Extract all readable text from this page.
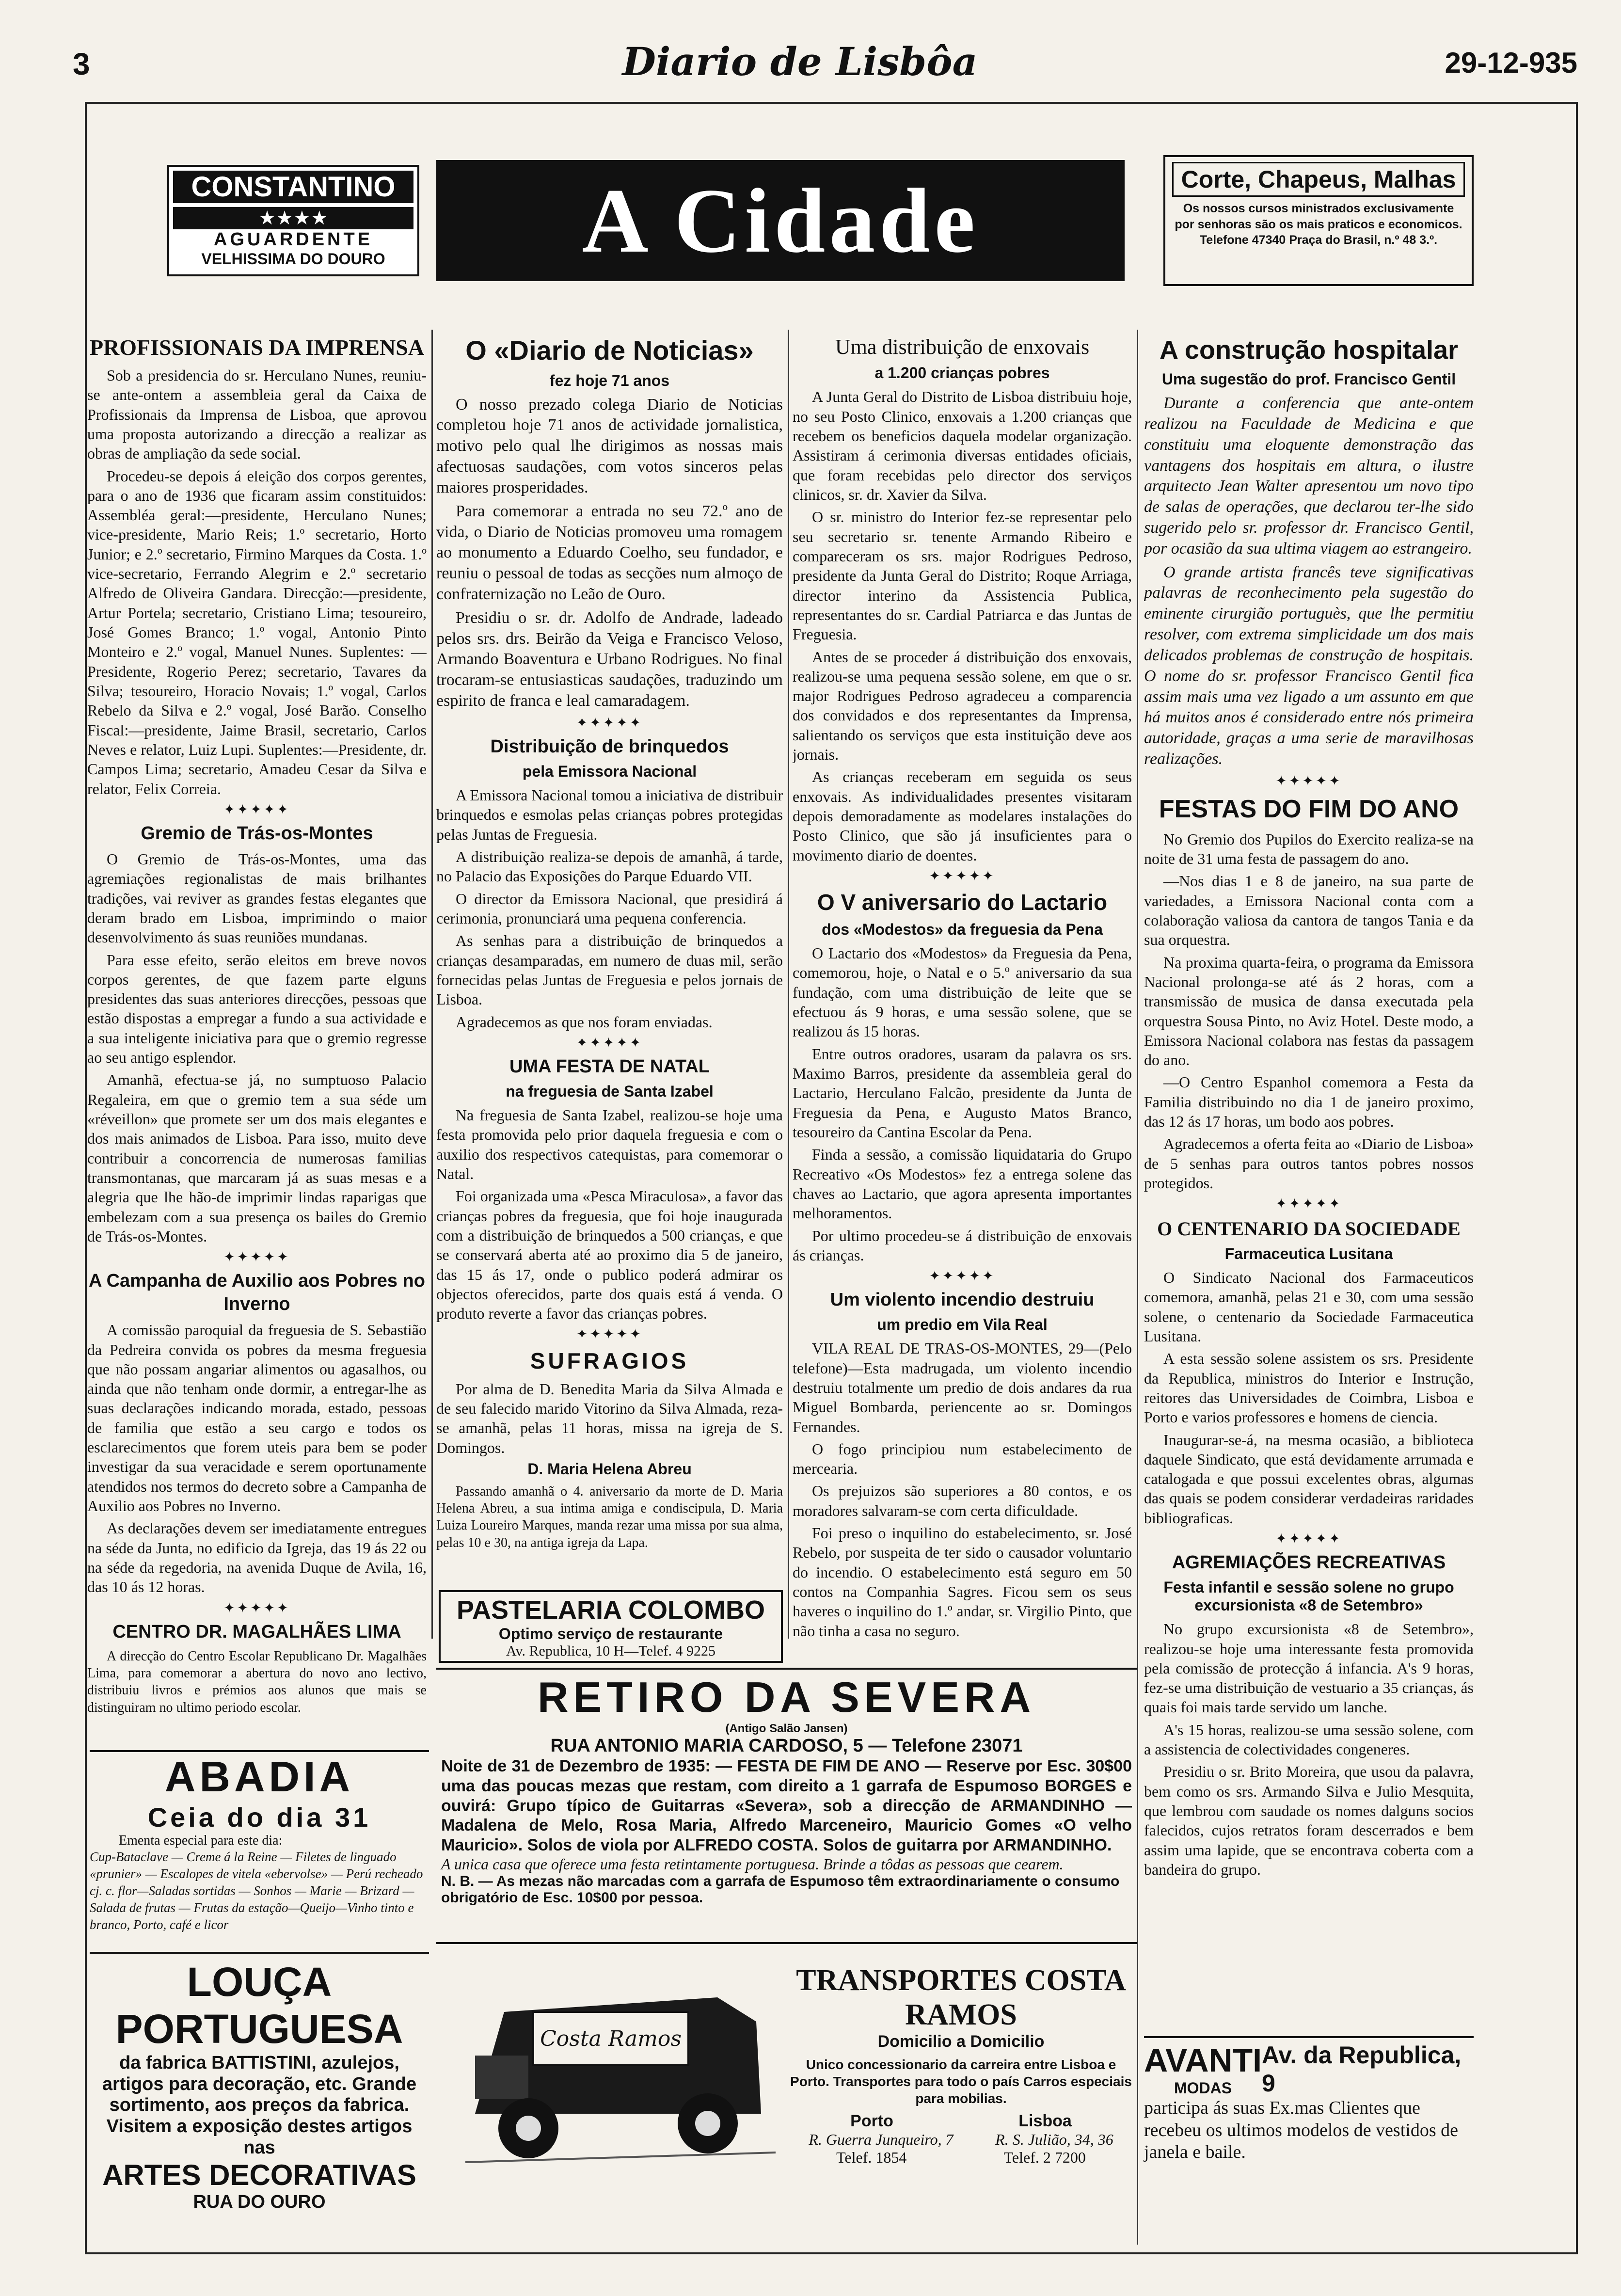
3	Diario de Lisbôa	29-12-935
CONSTANTINO
★★★★
AGUARDENTE
VELHISSIMA DO DOURO	A Cidade	Corte, Chapeus, Malhas
Os nossos cursos ministrados exclusivamente por senhoras são os mais praticos e economicos. Telefone 47340 Praça do Brasil, n.º 48 3.º.
PROFISSIONAIS DA IMPRENSA

Sob a presidencia do sr. Herculano Nunes, reuniu-se ante-ontem a assembleia geral da Caixa de Profissionais da Imprensa de Lisboa, que aprovou uma proposta autorizando a direcção a realizar as obras de ampliação da sede social.

Procedeu-se depois á eleição dos corpos gerentes, para o ano de 1936 que ficaram assim constituidos: Assembléa geral:—presidente, Herculano Nunes; vice-presidente, Mario Reis; 1.º secretario, Horto Junior; e 2.º secretario, Firmino Marques da Costa. 1.º vice-secretario, Ferrando Alegrim e 2.º secretario Alfredo de Oliveira Gandara. Direcção:—presidente, Artur Portela; secretario, Cristiano Lima; tesoureiro, José Gomes Branco; 1.º vogal, Antonio Pinto Monteiro e 2.º vogal, Manuel Nunes. Suplentes: —Presidente, Rogerio Perez; secretario, Tavares da Silva; tesoureiro, Horacio Novais; 1.º vogal, Carlos Rebelo da Silva e 2.º vogal, José Barão. Conselho Fiscal:—presidente, Jaime Brasil, secretario, Carlos Neves e relator, Luiz Lupi. Suplentes:—Presidente, dr. Campos Lima; secretario, Amadeu Cesar da Silva e relator, Felix Correia.

✦✦✦✦✦
Gremio de Trás-os-Montes

O Gremio de Trás-os-Montes, uma das agremiações regionalistas de mais brilhantes tradições, vai reviver as grandes festas elegantes que deram brado em Lisboa, imprimindo o maior desenvolvimento ás suas reuniões mundanas.

Para esse efeito, serão eleitos em breve novos corpos gerentes, de que fazem parte elguns presidentes das suas anteriores direcções, pessoas que estão dispostas a empregar a fundo a sua actividade e a sua inteligente iniciativa para que o gremio regresse ao seu antigo esplendor.

Amanhã, efectua-se já, no sumptuoso Palacio Regaleira, em que o gremio tem a sua séde um «réveillon» que promete ser um dos mais elegantes e dos mais animados de Lisboa. Para isso, muito deve contribuir a concorrencia de numerosas familias transmontanas, que marcaram já as suas mesas e a alegria que lhe hão-de imprimir lindas raparigas que embelezam com a sua presença os bailes do Gremio de Trás-os-Montes.

✦✦✦✦✦
A Campanha de Auxilio aos Pobres no Inverno

A comissão paroquial da freguesia de S. Sebastião da Pedreira convida os pobres da mesma freguesia que não possam angariar alimentos ou agasalhos, ou ainda que não tenham onde dormir, a entregar-lhe as suas declarações indicando morada, estado, pessoas de familia que estão a seu cargo e todos os esclarecimentos que forem uteis para bem se poder investigar da sua veracidade e serem oportunamente atendidos nos termos do decreto sobre a Campanha de Auxilio aos Pobres no Inverno.

As declarações devem ser imediatamente entregues na séde da Junta, no edificio da Igreja, das 19 ás 22 ou na séde da regedoria, na avenida Duque de Avila, 16, das 10 ás 12 horas.

✦✦✦✦✦
CENTRO DR. MAGALHÃES LIMA

A direcção do Centro Escolar Republicano Dr. Magalhães Lima, para comemorar a abertura do novo ano lectivo, distribuiu livros e prémios aos alunos que mais se distinguiram no ultimo periodo escolar.

O «Diario de Noticias»
fez hoje 71 anos

O nosso prezado colega Diario de Noticias completou hoje 71 anos de actividade jornalistica, motivo pelo qual lhe dirigimos as nossas mais afectuosas saudações, com votos sinceros pelas maiores prosperidades.

Para comemorar a entrada no seu 72.º ano de vida, o Diario de Noticias promoveu uma romagem ao monumento a Eduardo Coelho, seu fundador, e reuniu o pessoal de todas as secções num almoço de confraternização no Leão de Ouro.

Presidiu o sr. dr. Adolfo de Andrade, ladeado pelos srs. drs. Beirão da Veiga e Francisco Veloso, Armando Boaventura e Urbano Rodrigues. No final trocaram-se entusiasticas saudações, traduzindo um espirito de franca e leal camaradagem.

✦✦✦✦✦
Distribuição de brinquedos
pela Emissora Nacional

A Emissora Nacional tomou a iniciativa de distribuir brinquedos e esmolas pelas crianças pobres protegidas pelas Juntas de Freguesia.

A distribuição realiza-se depois de amanhã, á tarde, no Palacio das Exposições do Parque Eduardo VII.

O director da Emissora Nacional, que presidirá á cerimonia, pronunciará uma pequena conferencia.

As senhas para a distribuição de brinquedos a crianças desamparadas, em numero de duas mil, serão fornecidas pelas Juntas de Freguesia e pelos jornais de Lisboa.

Agradecemos as que nos foram enviadas.

✦✦✦✦✦
UMA FESTA DE NATAL
na freguesia de Santa Izabel

Na freguesia de Santa Izabel, realizou-se hoje uma festa promovida pelo prior daquela freguesia e com o auxilio dos respectivos catequistas, para comemorar o Natal.

Foi organizada uma «Pesca Miraculosa», a favor das crianças pobres da freguesia, que foi hoje inaugurada com a distribuição de brinquedos a 500 crianças, e que se conservará aberta até ao proximo dia 5 de janeiro, das 15 ás 17, onde o publico poderá admirar os objectos oferecidos, parte dos quais está á venda. O produto reverte a favor das crianças pobres.

✦✦✦✦✦
SUFRAGIOS

Por alma de D. Benedita Maria da Silva Almada e de seu falecido marido Vitorino da Silva Almada, reza-se amanhã, pelas 11 horas, missa na igreja de S. Domingos.

D. Maria Helena Abreu

Passando amanhã o 4. aniversario da morte de D. Maria Helena Abreu, a sua intima amiga e condiscipula, D. Maria Luiza Loureiro Marques, manda rezar uma missa por sua alma, pelas 10 e 30, na antiga igreja da Lapa.

PASTELARIA COLOMBO
Optimo serviço de restaurante
Av. Republica, 10 H—Telef. 4 9225
Uma distribuição de enxovais
a 1.200 crianças pobres

A Junta Geral do Distrito de Lisboa distribuiu hoje, no seu Posto Clinico, enxovais a 1.200 crianças que recebem os beneficios daquela modelar organização. Assistiram á cerimonia diversas entidades oficiais, que foram recebidas pelo director dos serviços clinicos, sr. dr. Xavier da Silva.

O sr. ministro do Interior fez-se representar pelo seu secretario sr. tenente Armando Ribeiro e compareceram os srs. major Rodrigues Pedroso, presidente da Junta Geral do Distrito; Roque Arriaga, director interino da Assistencia Publica, representantes do sr. Cardial Patriarca e das Juntas de Freguesia.

Antes de se proceder á distribuição dos enxovais, realizou-se uma pequena sessão solene, em que o sr. major Rodrigues Pedroso agradeceu a comparencia dos convidados e dos representantes da Imprensa, salientando os serviços que esta instituição deve aos jornais.

As crianças receberam em seguida os seus enxovais. As individualidades presentes visitaram depois demoradamente as modelares instalações do Posto Clinico, que são já insuficientes para o movimento diario de doentes.

✦✦✦✦✦
O V aniversario do Lactario
dos «Modestos» da freguesia da Pena

O Lactario dos «Modestos» da Freguesia da Pena, comemorou, hoje, o Natal e o 5.º aniversario da sua fundação, com uma distribuição de leite que se efectuou ás 9 horas, e uma sessão solene, que se realizou ás 15 horas.

Entre outros oradores, usaram da palavra os srs. Maximo Barros, presidente da assembleia geral do Lactario, Herculano Falcão, presidente da Junta de Freguesia da Pena, e Augusto Matos Branco, tesoureiro da Cantina Escolar da Pena.

Finda a sessão, a comissão liquidataria do Grupo Recreativo «Os Modestos» fez a entrega solene das chaves ao Lactario, que agora apresenta importantes melhoramentos.

Por ultimo procedeu-se á distribuição de enxovais ás crianças.

✦✦✦✦✦
Um violento incendio destruiu
um predio em Vila Real

VILA REAL DE TRAS-OS-MONTES, 29—(Pelo telefone)—Esta madrugada, um violento incendio destruiu totalmente um predio de dois andares da rua Miguel Bombarda, periencente ao sr. Domingos Fernandes.

O fogo principiou num estabelecimento de mercearia.

Os prejuizos são superiores a 80 contos, e os moradores salvaram-se com certa dificuldade.

Foi preso o inquilino do estabelecimento, sr. José Rebelo, por suspeita de ter sido o causador voluntario do incendio. O estabelecimento está seguro em 50 contos na Companhia Sagres. Ficou sem os seus haveres o inquilino do 1.º andar, sr. Virgilio Pinto, que não tinha a casa no seguro.

A construção hospitalar
Uma sugestão do prof. Francisco Gentil

Durante a conferencia que ante-ontem realizou na Faculdade de Medicina e que constituiu uma eloquente demonstração das vantagens dos hospitais em altura, o ilustre arquitecto Jean Walter apresentou um novo tipo de salas de operações, que declarou ter-lhe sido sugerido pelo sr. professor dr. Francisco Gentil, por ocasião da sua ultima viagem ao estrangeiro.

O grande artista francês teve significativas palavras de reconhecimento pela sugestão do eminente cirurgião portuguès, que lhe permitiu resolver, com extrema simplicidade um dos mais delicados problemas de construção de hospitais. O nome do sr. professor Francisco Gentil fica assim mais uma vez ligado a um assunto em que há muitos anos é considerado entre nós primeira autoridade, graças a uma serie de maravilhosas realizações.

✦✦✦✦✦
FESTAS DO FIM DO ANO

No Gremio dos Pupilos do Exercito realiza-se na noite de 31 uma festa de passagem do ano.

—Nos dias 1 e 8 de janeiro, na sua parte de variedades, a Emissora Nacional conta com a colaboração valiosa da cantora de tangos Tania e da sua orquestra.

Na proxima quarta-feira, o programa da Emissora Nacional prolonga-se até ás 2 horas, com a transmissão de musica de dansa executada pela orquestra Sousa Pinto, no Aviz Hotel. Deste modo, a Emissora Nacional colabora nas festas da passagem do ano.

—O Centro Espanhol comemora a Festa da Familia distribuindo no dia 1 de janeiro proximo, das 12 ás 17 horas, um bodo aos pobres.

Agradecemos a oferta feita ao «Diario de Lisboa» de 5 senhas para outros tantos pobres nossos protegidos.

✦✦✦✦✦
O CENTENARIO DA SOCIEDADE
Farmaceutica Lusitana

O Sindicato Nacional dos Farmaceuticos comemora, amanhã, pelas 21 e 30, com uma sessão solene, o centenario da Sociedade Farmaceutica Lusitana.

A esta sessão solene assistem os srs. Presidente da Republica, ministros do Interior e Instrução, reitores das Universidades de Coimbra, Lisboa e Porto e varios professores e homens de ciencia.

Inaugurar-se-á, na mesma ocasião, a biblioteca daquele Sindicato, que está devidamente arrumada e catalogada e que possui excelentes obras, algumas das quais se podem considerar verdadeiras raridades bibliograficas.

✦✦✦✦✦
AGREMIAÇÕES RECREATIVAS
Festa infantil e sessão solene no grupo excursionista «8 de Setembro»

No grupo excursionista «8 de Setembro», realizou-se hoje uma interessante festa promovida pela comissão de protecção á infancia. A's 9 horas, fez-se uma distribuição de vestuario a 35 crianças, ás quais foi mais tarde servido um lanche.

A's 15 horas, realizou-se uma sessão solene, com a assistencia de colectividades congeneres.

Presidiu o sr. Brito Moreira, que usou da palavra, bem como os srs. Armando Silva e Julio Mesquita, que lembrou com saudade os nomes dalguns socios falecidos, cujos retratos foram descerrados e bem assim uma lapide, que se encontrava coberta com a bandeira do grupo.

ABADIA
Ceia do dia 31
Ementa especial para este dia:
Cup-Bataclave — Creme á la Reine — Filetes de linguado «prunier» — Escalopes de vitela «ebervolse» — Perú recheado cj. c. flor—Saladas sortidas — Sonhos — Marie — Brizard — Salada de frutas — Frutas da estação—Queijo—Vinho tinto e branco, Porto, café e licor
LOUÇA PORTUGUESA
da fabrica BATTISTINI, azulejos, artigos para decoração, etc. Grande sortimento, aos preços da fabrica. Visitem a exposição destes artigos nas
ARTES DECORATIVAS
RUA DO OURO
RETIRO DA SEVERA
(Antigo Salão Jansen)
RUA ANTONIO MARIA CARDOSO, 5 — Telefone 23071
Noite de 31 de Dezembro de 1935: — FESTA DE FIM DE ANO — Reserve por Esc. 30$00 uma das poucas mezas que restam, com direito a 1 garrafa de Espumoso BORGES e ouvirá: Grupo típico de Guitarras «Severa», sob a direcção de ARMANDINHO — Madalena de Melo, Rosa Maria, Alfredo Marceneiro, Mauricio Gomes «O velho Mauricio». Solos de viola por ALFREDO COSTA. Solos de guitarra por ARMANDINHO.
A unica casa que oferece uma festa retintamente portuguesa. Brinde a tôdas as pessoas que cearem.
N. B. — As mezas não marcadas com a garrafa de Espumoso têm extraordinariamente o consumo obrigatório de Esc. 10$00 por pessoa.
Costa Ramos
TRANSPORTES COSTA RAMOS
Domicilio a Domicilio
Unico concessionario da carreira entre Lisboa e Porto. Transportes para todo o país Carros especiais para mobilias.
Porto	Lisboa
R. Guerra Junqueiro, 7	R. S. Julião, 34, 36
Telef. 1854	Telef. 2 7200
AVANTI
MODAS
Av. da Republica, 9
participa ás suas Ex.mas Clientes que recebeu os ultimos modelos de vestidos de janela e baile.
